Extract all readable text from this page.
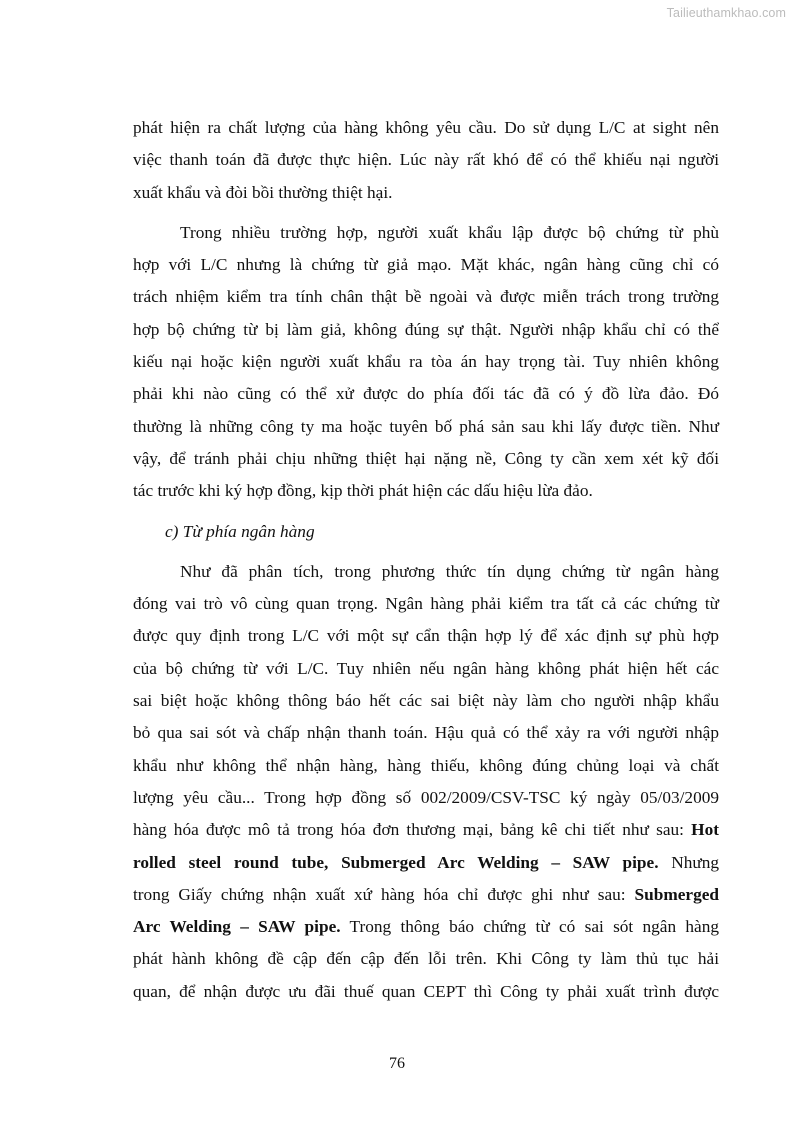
Tailieuthamkhao.com
phát hiện ra chất lượng của hàng không yêu cầu. Do sử dụng L/C at sight nên
việc thanh toán đã được thực hiện. Lúc này rất khó để có thể khiếu nại người
xuất khẩu và đòi bồi thường thiệt hại.
Trong nhiều trường hợp, người xuất khẩu lập được bộ chứng từ phù
hợp với L/C nhưng là chứng từ giả mạo. Mặt khác, ngân hàng cũng chỉ có
trách nhiệm kiểm tra tính chân thật bề ngoài và được miễn trách trong trường
hợp bộ chứng từ bị làm giả, không đúng sự thật. Người nhập khẩu chỉ có thể
kiếu nại hoặc kiện người xuất khẩu ra tòa án hay trọng tài. Tuy nhiên không
phải khi nào cũng có thể xử được do phía đối tác đã có ý đồ lừa đảo. Đó
thường là những công ty ma hoặc tuyên bố phá sản sau khi lấy được tiền. Như
vậy, để tránh phải chịu những thiệt hại nặng nề, Công ty cần xem xét kỹ đối
tác trước khi ký hợp đồng, kịp thời phát hiện các dấu hiệu lừa đảo.
c) Từ phía ngân hàng
Như đã phân tích, trong phương thức tín dụng chứng từ ngân hàng
đóng vai trò vô cùng quan trọng. Ngân hàng phải kiểm tra tất cả các chứng từ
được quy định trong L/C với một sự cẩn thận hợp lý để xác định sự phù hợp
của bộ chứng từ với L/C. Tuy nhiên nếu ngân hàng không phát hiện hết các
sai biệt hoặc không thông báo hết các sai biệt này làm cho người nhập khẩu
bỏ qua sai sót và chấp nhận thanh toán. Hậu quả có thể xảy ra với người nhập
khẩu như không thể nhận hàng, hàng thiếu, không đúng chủng loại và chất
lượng yêu cầu... Trong hợp đồng số 002/2009/CSV-TSC ký ngày 05/03/2009
hàng hóa được mô tả trong hóa đơn thương mại, bảng kê chi tiết như sau: Hot
rolled steel round tube, Submerged Arc Welding – SAW pipe. Nhưng
trong Giấy chứng nhận xuất xứ hàng hóa chỉ được ghi như sau: Submerged
Arc Welding – SAW pipe. Trong thông báo chứng từ có sai sót ngân hàng
phát hành không đề cập đến cập đến lỗi trên. Khi Công ty làm thủ tục hải
quan, để nhận được ưu đãi thuế quan CEPT thì Công ty phải xuất trình được
76
